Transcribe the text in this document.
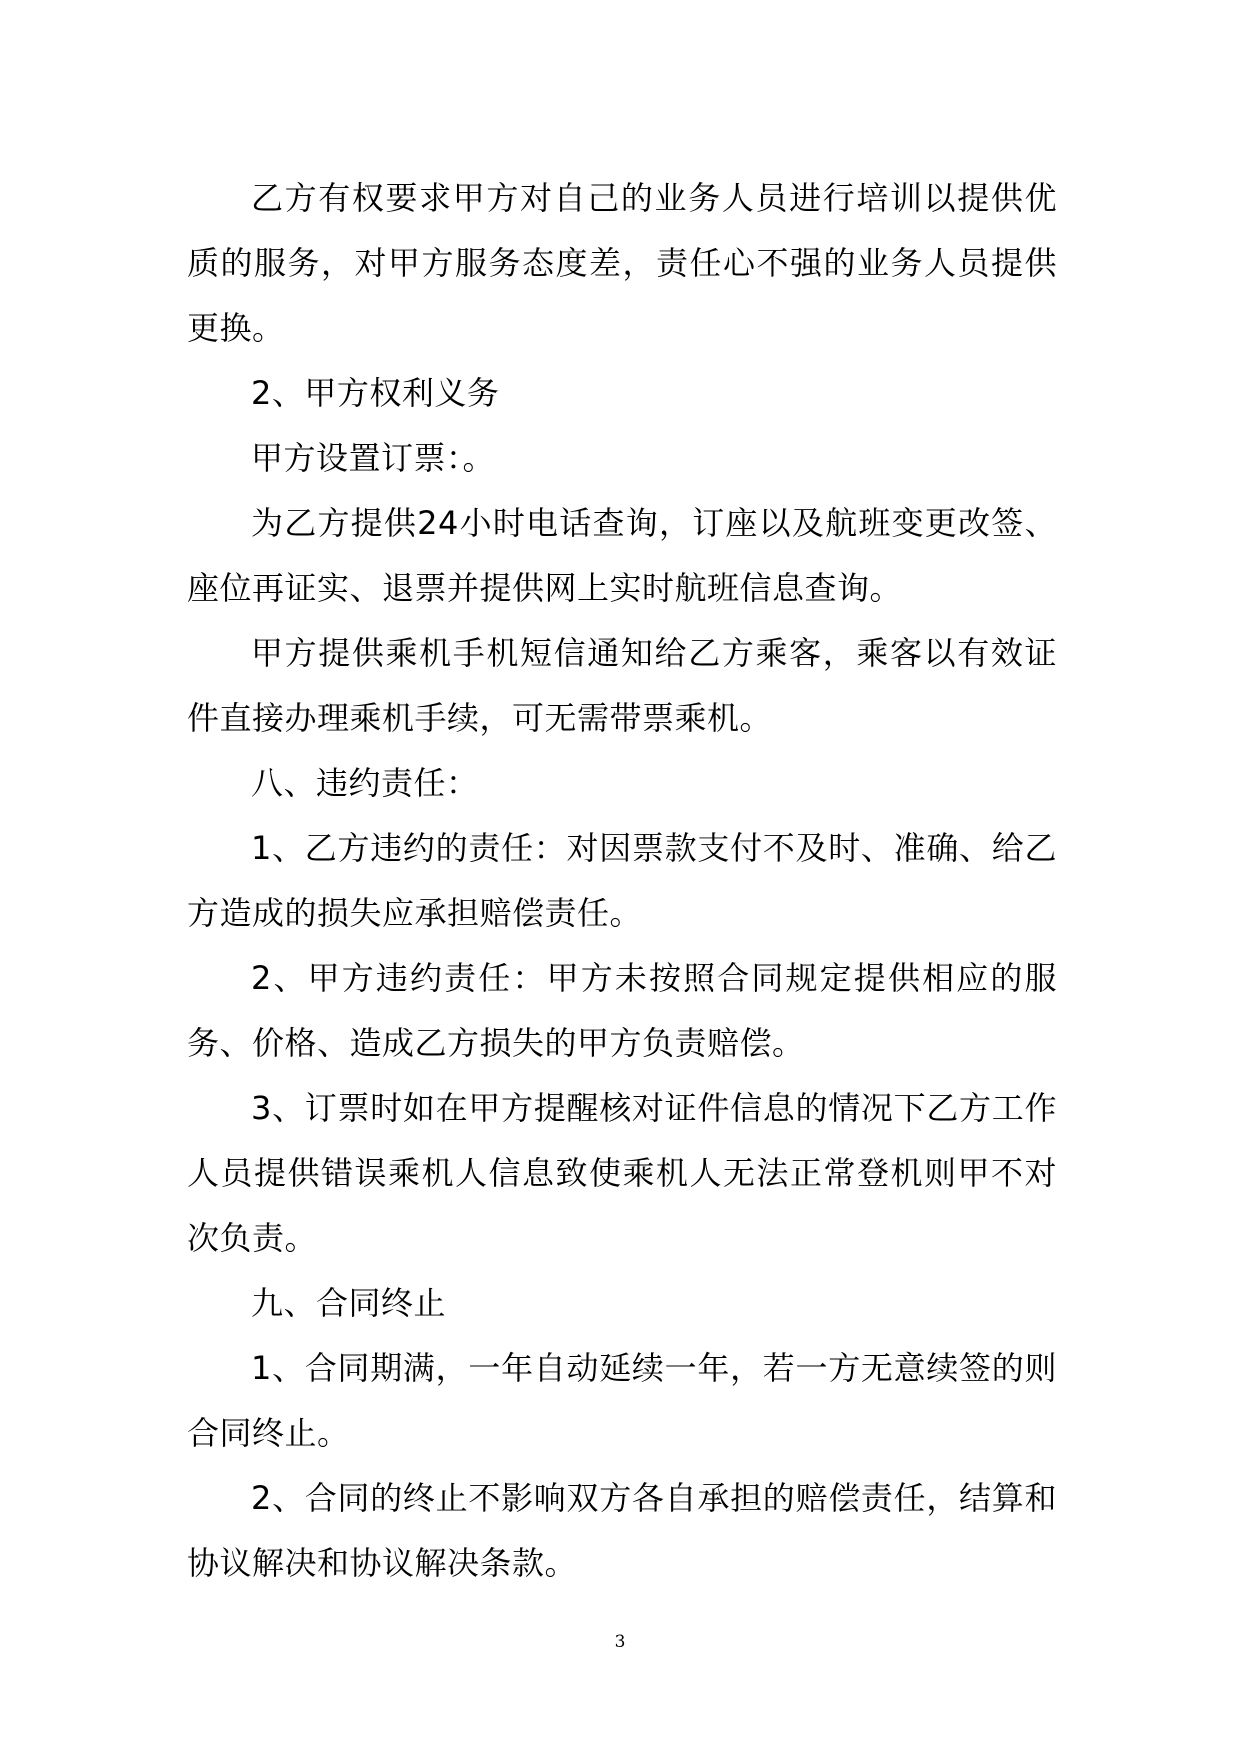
乙方有权要求甲方对自己的业务人员进行培训以提供优质的服务，对甲方服务态度差，责任心不强的业务人员提供更换。

2、甲方权利义务

甲方设置订票：。

为乙方提供24小时电话查询，订座以及航班变更改签、座位再证实、退票并提供网上实时航班信息查询。

甲方提供乘机手机短信通知给乙方乘客，乘客以有效证件直接办理乘机手续，可无需带票乘机。

八、违约责任：

1、乙方违约的责任：对因票款支付不及时、准确、给乙方造成的损失应承担赔偿责任。

2、甲方违约责任：甲方未按照合同规定提供相应的服务、价格、造成乙方损失的甲方负责赔偿。

3、订票时如在甲方提醒核对证件信息的情况下乙方工作人员提供错误乘机人信息致使乘机人无法正常登机则甲不对次负责。

九、合同终止

1、合同期满，一年自动延续一年，若一方无意续签的则合同终止。

2、合同的终止不影响双方各自承担的赔偿责任，结算和协议解决和协议解决条款。

3
